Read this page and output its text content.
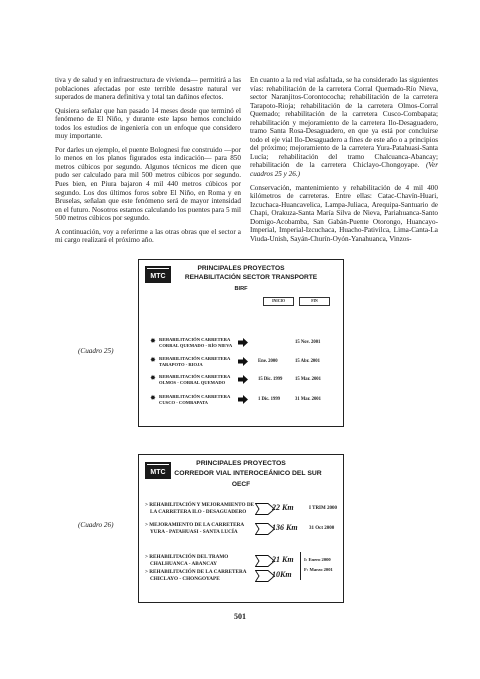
tiva y de salud y en infraestructura de vivienda— permitirá a las poblaciones afectadas por este terrible desastre natural ver superados de manera definitiva y total tan dañinos efectos.

Quisiera señalar que han pasado 14 meses desde que terminó el fenómeno de El Niño, y durante este lapso hemos concluido todos los estudios de ingeniería con un enfoque que considero muy importante.

Por darles un ejemplo, el puente Bolognesi fue construido —por lo menos en los planos figurados esta indicación— para 850 metros cúbicos por segundo. Algunos técnicos me dicen que pudo ser calculado para mil 500 metros cúbicos por segundo. Pues bien, en Piura bajaron 4 mil 440 metros cúbicos por segundo. Los dos últimos foros sobre El Niño, en Roma y en Bruselas, señalan que este fenómeno será de mayor intensidad en el futuro. Nosotros estamos calculando los puentes para 5 mil 500 metros cúbicos por segundo.

A continuación, voy a referirme a las otras obras que el sector a mi cargo realizará el próximo año.

En cuanto a la red vial asfaltada, se ha considerado las siguientes vías: rehabilitación de la carretera Corral Quemado-Río Nieva, sector Naranjitos-Corontococha; rehabilitación de la carretera Tarapoto-Rioja; rehabilitación de la carretera Olmos-Corral Quemado; rehabilitación de la carretera Cusco-Combapata; rehabilitación y mejoramiento de la carretera Ilo-Desaguadero, tramo Santa Rosa-Desaguadero, en que ya está por concluirse todo el eje vial Ilo-Desaguadero a fines de este año o a principios del próximo; mejoramiento de la carretera Yura-Patahuasi-Santa Lucía; rehabilitación del tramo Chalcuanca-Abancay; rehabilitación de la carretera Chiclayo-Chongoyape. (Ver cuadros 25 y 26.)

Conservación, mantenimiento y rehabilitación de 4 mil 400 kilómetros de carreteras. Entre ellas: Catac-Chavín-Huari, Izcuchaca-Huancavelica, Lampa-Juliaca, Arequipa-Santuario de Chapi, Orakuza-Santa María Silva de Nieva, Pariahuanca-Santo Domigo-Acobamba, San Gabán-Puente Otorongo, Huancayo-Imperial, Imperial-Izcuchaca, Huacho-Pativilca, Lima-Canta-La Viuda-Unish, Sayán-Churín-Oyón-Yanahuanca, Vinzos-

(Cuadro 25)
MTC
PRINCIPALES PROYECTOS
REHABILITACIÓN SECTOR TRANSPORTE
BIRF
INICIO	FIN
✸ REHABILITACIÓN CARRETERA
CORRAL QUEMADO - RÍO NIEVA
15 Nov. 2001
✸ REHABILITACIÓN CARRETERA
TARAPOTO - RIOJA
Ene. 2000	15 Abr. 2001
✸ REHABILITACIÓN CARRETERA
OLMOS - CORRAL QUEMADO
15 Dic. 1999	15 Mar. 2001
✸ REHABILITACIÓN CARRETERA
CUSCO - COMBAPATA
1 Dic. 1999	31 Mar. 2001
(Cuadro 26)
MTC
PRINCIPALES PROYECTOS
CORREDOR VIAL INTEROCEÁNICO DEL SUR
OECF
> REHABILITACIÓN Y MEJORAMIENTO DE
LA CARRETERA ILO - DESAGUADERO	22 Km	I TRIM 2000
> MEJORAMIENTO DE LA CARRETERA
YURA - PATAHUASI - SANTA LUCÍA	136 Km 31 Oct 2000
> REHABILITACIÓN DEL TRAMO
CHALHUANCA - ABANCAY	21 Km
> REHABILITACIÓN DE LA CARRETERA
CHICLAYO - CHONGOYAPE	10Km
I: Enero 2000
F: Marzo 2001
501
